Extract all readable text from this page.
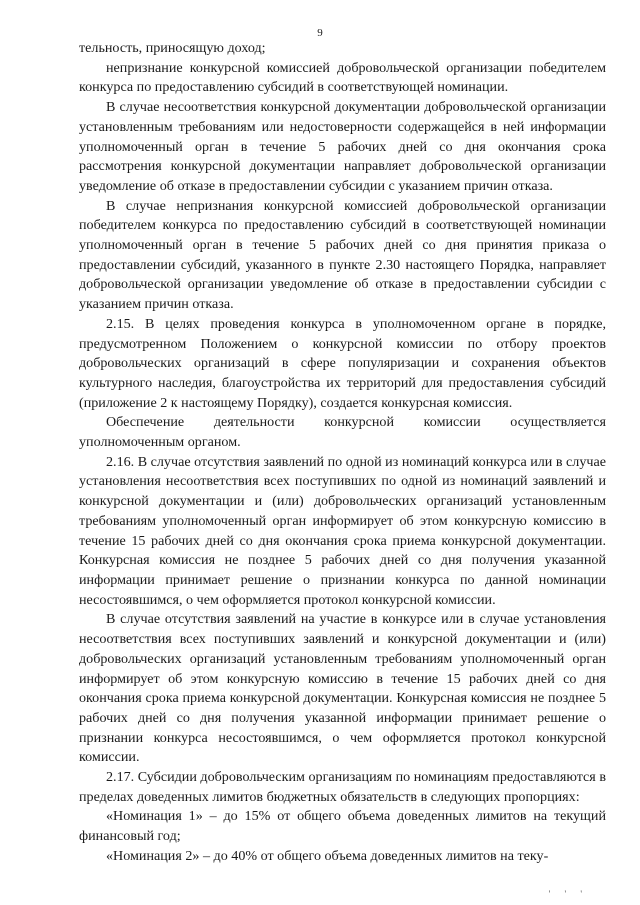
9

тельность, приносящую доход;

непризнание конкурсной комиссией добровольческой организации победителем конкурса по предоставлению субсидий в соответствующей номинации.

В случае несоответствия конкурсной документации добровольческой организации установленным требованиям или недостоверности содержащейся в ней информации уполномоченный орган в течение 5 рабочих дней со дня окончания срока рассмотрения конкурсной документации направляет добровольческой организации уведомление об отказе в предоставлении субсидии с указанием причин отказа.

В случае непризнания конкурсной комиссией добровольческой организации победителем конкурса по предоставлению субсидий в соответствующей номинации уполномоченный орган в течение 5 рабочих дней со дня принятия приказа о предоставлении субсидий, указанного в пункте 2.30 настоящего Порядка, направляет добровольческой организации уведомление об отказе в предоставлении субсидии с указанием причин отказа.

2.15. В целях проведения конкурса в уполномоченном органе в порядке, предусмотренном Положением о конкурсной комиссии по отбору проектов добровольческих организаций в сфере популяризации и сохранения объектов культурного наследия, благоустройства их территорий для предоставления субсидий (приложение 2 к настоящему Порядку), создается конкурсная комиссия.

Обеспечение деятельности конкурсной комиссии осуществляется уполномоченным органом.

2.16. В случае отсутствия заявлений по одной из номинаций конкурса или в случае установления несоответствия всех поступивших по одной из номинаций заявлений и конкурсной документации и (или) добровольческих организаций установленным требованиям уполномоченный орган информирует об этом конкурсную комиссию в течение 15 рабочих дней со дня окончания срока приема конкурсной документации. Конкурсная комиссия не позднее 5 рабочих дней со дня получения указанной информации принимает решение о признании конкурса по данной номинации несостоявшимся, о чем оформляется протокол конкурсной комиссии.

В случае отсутствия заявлений на участие в конкурсе или в случае установления несоответствия всех поступивших заявлений и конкурсной документации и (или) добровольческих организаций установленным требованиям уполномоченный орган информирует об этом конкурсную комиссию в течение 15 рабочих дней со дня окончания срока приема конкурсной документации. Конкурсная комиссия не позднее 5 рабочих дней со дня получения указанной информации принимает решение о признании конкурса несостоявшимся, о чем оформляется протокол конкурсной комиссии.

2.17. Субсидии добровольческим организациям по номинациям предоставляются в пределах доведенных лимитов бюджетных обязательств в следующих пропорциях:

«Номинация 1» – до 15% от общего объема доведенных лимитов на текущий финансовый год;

«Номинация 2» – до 40% от общего объема доведенных лимитов на теку-

' ' '
